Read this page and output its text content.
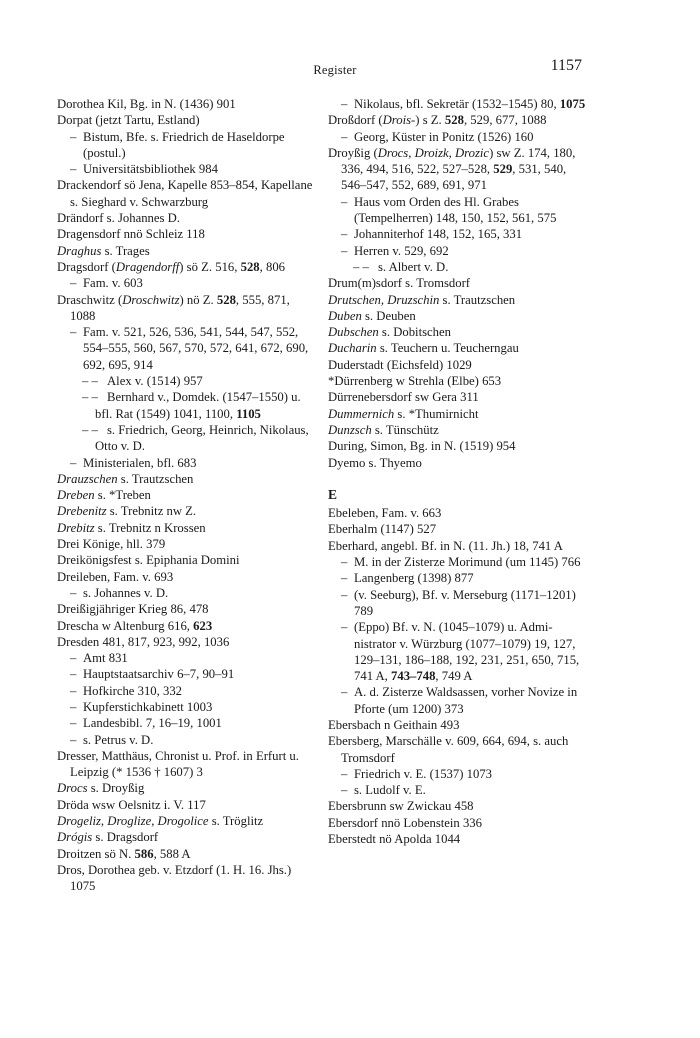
Register	1157
Dorothea Kil, Bg. in N. (1436) 901
Dorpat (jetzt Tartu, Estland)
– Bistum, Bfe. s. Friedrich de Haseldorpe (postul.)
– Universitätsbibliothek 984
Drackendorf sö Jena, Kapelle 853–854, Kapellane s. Sieghard v. Schwarzburg
Drändorf s. Johannes D.
Dragensdorf nnö Schleiz 118
Draghus s. Trages
Dragsdorf (Dragendorff) sö Z. 516, 528, 806
– Fam. v. 603
Draschwitz (Droschwitz) nö Z. 528, 555, 871, 1088
– Fam. v. 521, 526, 536, 541, 544, 547, 552, 554–555, 560, 567, 570, 572, 641, 672, 690, 692, 695, 914
– – Alex v. (1514) 957
– – Bernhard v., Domdek. (1547–1550) u. bfl. Rat (1549) 1041, 1100, 1105
– – s. Friedrich, Georg, Heinrich, Nikolaus, Otto v. D.
– Ministerialen, bfl. 683
Drauzschen s. Trautzschen
Dreben s. *Treben
Drebenitz s. Trebnitz nw Z.
Drebitz s. Trebnitz n Krossen
Drei Könige, hll. 379
Dreikönigsfest s. Epiphania Domini
Dreileben, Fam. v. 693
– s. Johannes v. D.
Dreißigjähriger Krieg 86, 478
Drescha w Altenburg 616, 623
Dresden 481, 817, 923, 992, 1036
– Amt 831
– Hauptstaatsarchiv 6–7, 90–91
– Hofkirche 310, 332
– Kupferstichkabinett 1003
– Landesbibl. 7, 16–19, 1001
– s. Petrus v. D.
Dresser, Matthäus, Chronist u. Prof. in Erfurt u. Leipzig (* 1536 † 1607) 3
Drocs s. Droyßig
Dröda wsw Oelsnitz i. V. 117
Drogeliz, Droglize, Drogolice s. Tröglitz
Drógis s. Dragsdorf
Droitzen sö N. 586, 588 A
Dros, Dorothea geb. v. Etzdorf (1. H. 16. Jhs.) 1075
– Nikolaus, bfl. Sekretär (1532–1545) 80, 1075
Droßdorf (Drois-) s Z. 528, 529, 677, 1088
– Georg, Küster in Ponitz (1526) 160
Droyßig (Drocs, Droizk, Drozic) sw Z. 174, 180, 336, 494, 516, 522, 527–528, 529, 531, 540, 546–547, 552, 689, 691, 971
– Haus vom Orden des Hl. Grabes (Tempelherren) 148, 150, 152, 561, 575
– Johanniterhof 148, 152, 165, 331
– Herren v. 529, 692
– – s. Albert v. D.
Drum(m)sdorf s. Tromsdorf
Drutschen, Druzschin s. Trautzschen
Duben s. Deuben
Dubschen s. Dobitschen
Ducharin s. Teuchern u. Teucherngau
Duderstadt (Eichsfeld) 1029
*Dürrenberg w Strehla (Elbe) 653
Dürrenebersdorf sw Gera 311
Dummernich s. *Thumirnicht
Dunzsch s. Tünschütz
During, Simon, Bg. in N. (1519) 954
Dyemo s. Thyemo
E
Ebeleben, Fam. v. 663
Eberhalm (1147) 527
Eberhard, angebl. Bf. in N. (11. Jh.) 18, 741 A
– M. in der Zisterze Morimund (um 1145) 766
– Langenberg (1398) 877
– (v. Seeburg), Bf. v. Merseburg (1171–1201) 789
– (Eppo) Bf. v. N. (1045–1079) u. Administrator v. Würzburg (1077–1079) 19, 127, 129–131, 186–188, 192, 231, 251, 650, 715, 741 A, 743–748, 749 A
– A. d. Zisterze Waldsassen, vorher Novize in Pforte (um 1200) 373
Ebersbach n Geithain 493
Ebersberg, Marschälle v. 609, 664, 694, s. auch Tromsdorf
– Friedrich v. E. (1537) 1073
– s. Ludolf v. E.
Ebersbrunn sw Zwickau 458
Ebersdorf nnö Lobenstein 336
Eberstedt nö Apolda 1044
